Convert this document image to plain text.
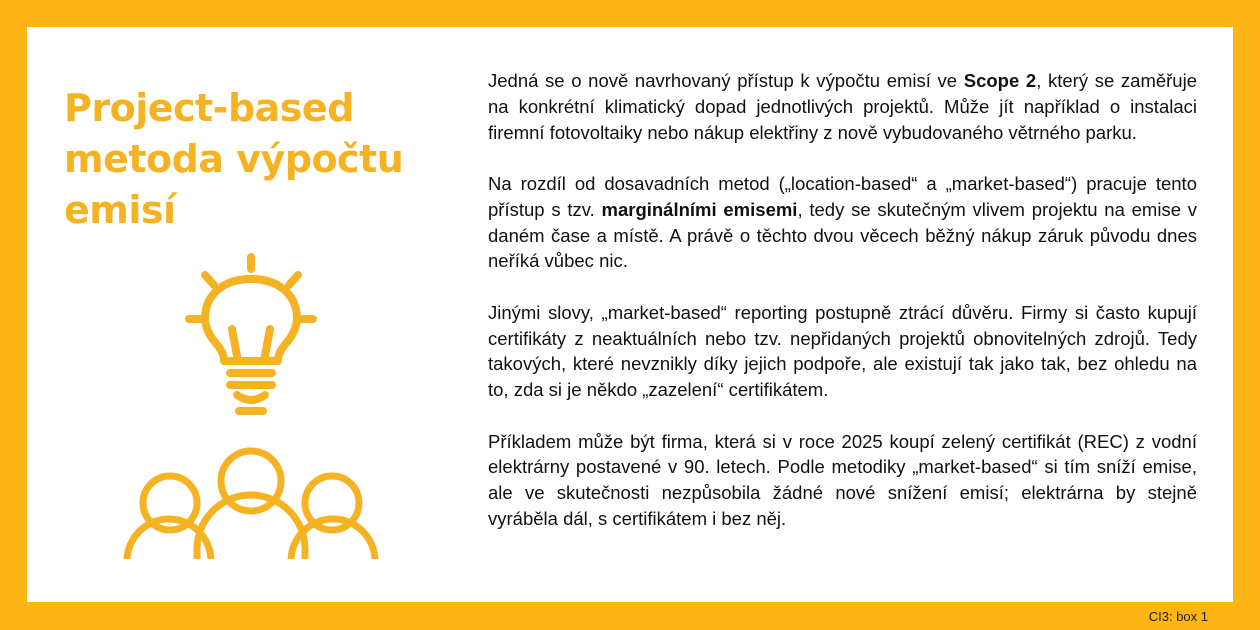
Project-based
metoda výpočtu
emisí

Jedná se o nově navrhovaný přístup k výpočtu emisí ve Scope 2, který se zaměřuje na konkrétní klimatický dopad jednotlivých projektů. Může jít například o instalaci firemní fotovoltaiky nebo nákup elektřiny z nově vybudovaného větrného parku.

Na rozdíl od dosavadních metod („location-based“ a „market-based“) pracuje tento přístup s tzv. marginálními emisemi, tedy se skutečným vlivem projektu na emise v daném čase a místě. A právě o těchto dvou věcech běžný nákup záruk původu dnes neříká vůbec nic.

Jinými slovy, „market-based“ reporting postupně ztrácí důvěru. Firmy si často kupují certifikáty z neaktuálních nebo tzv. nepřidaných projektů obnovitelných zdrojů. Tedy takových, které nevznikly díky jejich podpoře, ale existují tak jako tak, bez ohledu na to, zda si je někdo „zazelení“ certifikátem.

Příkladem může být firma, která si v roce 2025 koupí zelený certifikát (REC) z vodní elektrárny postavené v 90. letech. Podle metodiky „market-based“ si tím sníží emise, ale ve skutečnosti nezpůsobila žádné nové snížení emisí; elektrárna by stejně vyráběla dál, s certifikátem i bez něj.

CI3: box 1
